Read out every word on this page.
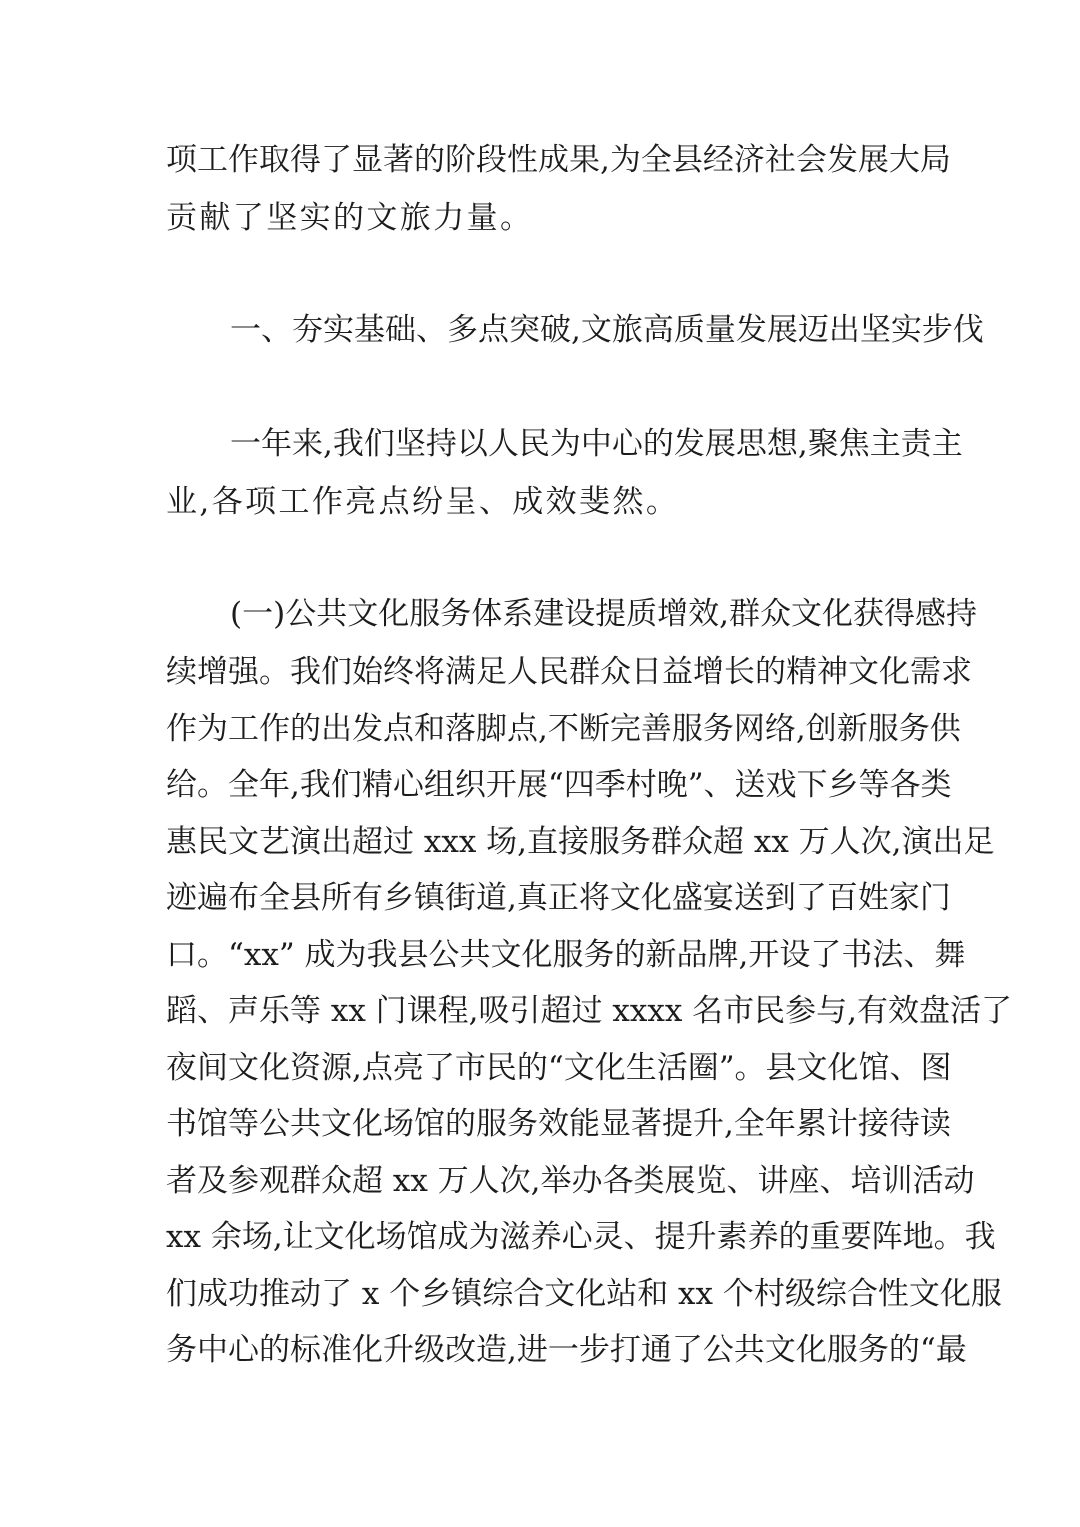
项工作取得了显著的阶段性成果,为全县经济社会发展大局
贡献了坚实的文旅力量。
一、夯实基础、多点突破,文旅高质量发展迈出坚实步伐
一年来,我们坚持以人民为中心的发展思想,聚焦主责主
业,各项工作亮点纷呈、成效斐然。
(一)公共文化服务体系建设提质增效,群众文化获得感持
续增强。我们始终将满足人民群众日益增长的精神文化需求
作为工作的出发点和落脚点,不断完善服务网络,创新服务供
给。全年,我们精心组织开展“四季村晚”、送戏下乡等各类
惠民文艺演出超过 xxx 场,直接服务群众超 xx 万人次,演出足
迹遍布全县所有乡镇街道,真正将文化盛宴送到了百姓家门
口。“xx” 成为我县公共文化服务的新品牌,开设了书法、舞
蹈、声乐等 xx 门课程,吸引超过 xxxx 名市民参与,有效盘活了
夜间文化资源,点亮了市民的“文化生活圈”。县文化馆、图
书馆等公共文化场馆的服务效能显著提升,全年累计接待读
者及参观群众超 xx 万人次,举办各类展览、讲座、培训活动
xx 余场,让文化场馆成为滋养心灵、提升素养的重要阵地。我
们成功推动了 x 个乡镇综合文化站和 xx 个村级综合性文化服
务中心的标准化升级改造,进一步打通了公共文化服务的“最
